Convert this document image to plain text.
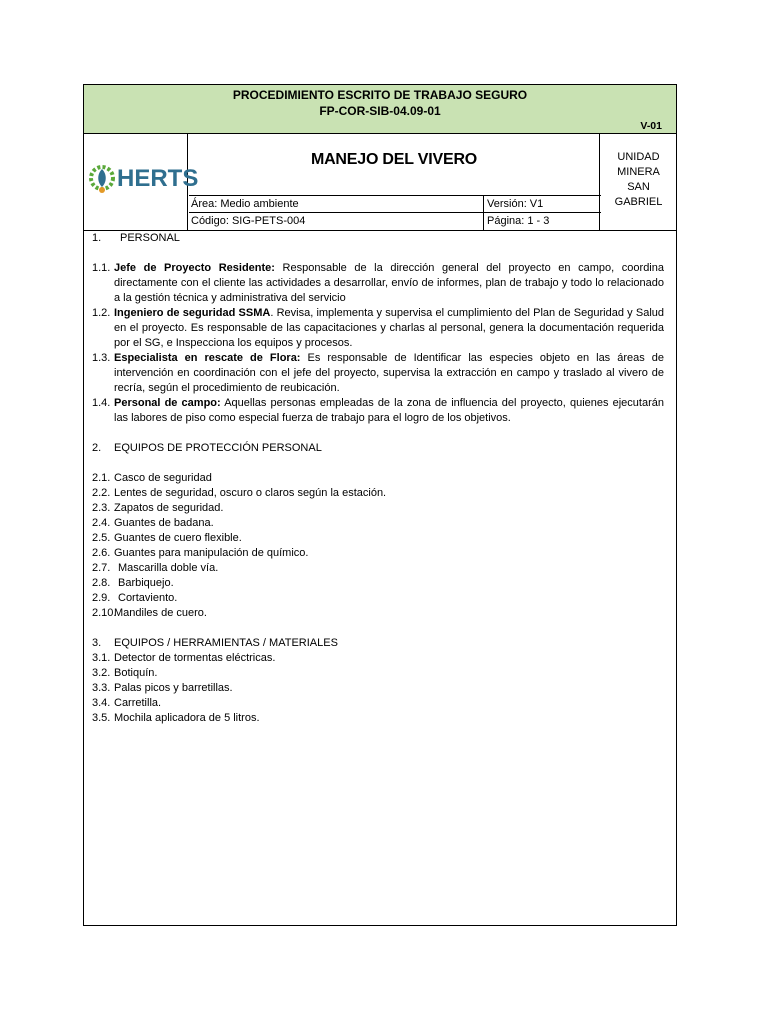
PROCEDIMIENTO ESCRITO DE TRABAJO SEGURO
FP-COR-SIB-04.09-01
V-01
HERTS
MANEJO DEL VIVERO	UNIDAD MINERA SAN GABRIEL
Área: Medio ambiente	Versión: V1
Código: SIG-PETS-004	Página: 1 - 3

1. PERSONAL

1.1. Jefe de Proyecto Residente: Responsable de la dirección general del proyecto en campo, coordina directamente con el cliente las actividades a desarrollar, envío de informes, plan de trabajo y todo lo relacionado a la gestión técnica y administrativa del servicio

1.2. Ingeniero de seguridad SSMA. Revisa, implementa y supervisa el cumplimiento del Plan de Seguridad y Salud en el proyecto. Es responsable de las capacitaciones y charlas al personal, genera la documentación requerida por el SG, e Inspecciona los equipos y procesos.

1.3. Especialista en rescate de Flora: Es responsable de Identificar las especies objeto en las áreas de intervención en coordinación con el jefe del proyecto, supervisa la extracción en campo y traslado al vivero de recría, según el procedimiento de reubicación.

1.4. Personal de campo: Aquellas personas empleadas de la zona de influencia del proyecto, quienes ejecutarán las labores de piso como especial fuerza de trabajo para el logro de los objetivos.

2. EQUIPOS DE PROTECCIÓN PERSONAL

2.1. Casco de seguridad

2.2. Lentes de seguridad, oscuro o claros según la estación.

2.3. Zapatos de seguridad.

2.4. Guantes de badana.

2.5. Guantes de cuero flexible.

2.6. Guantes para manipulación de químico.

2.7. Mascarilla doble vía.

2.8. Barbiquejo.

2.9. Cortaviento.

2.10.
Mandiles de cuero.

3. EQUIPOS / HERRAMIENTAS / MATERIALES

3.1. Detector de tormentas eléctricas.

3.2. Botiquín.

3.3. Palas picos y barretillas.

3.4. Carretilla.

3.5. Mochila aplicadora de 5 litros.
